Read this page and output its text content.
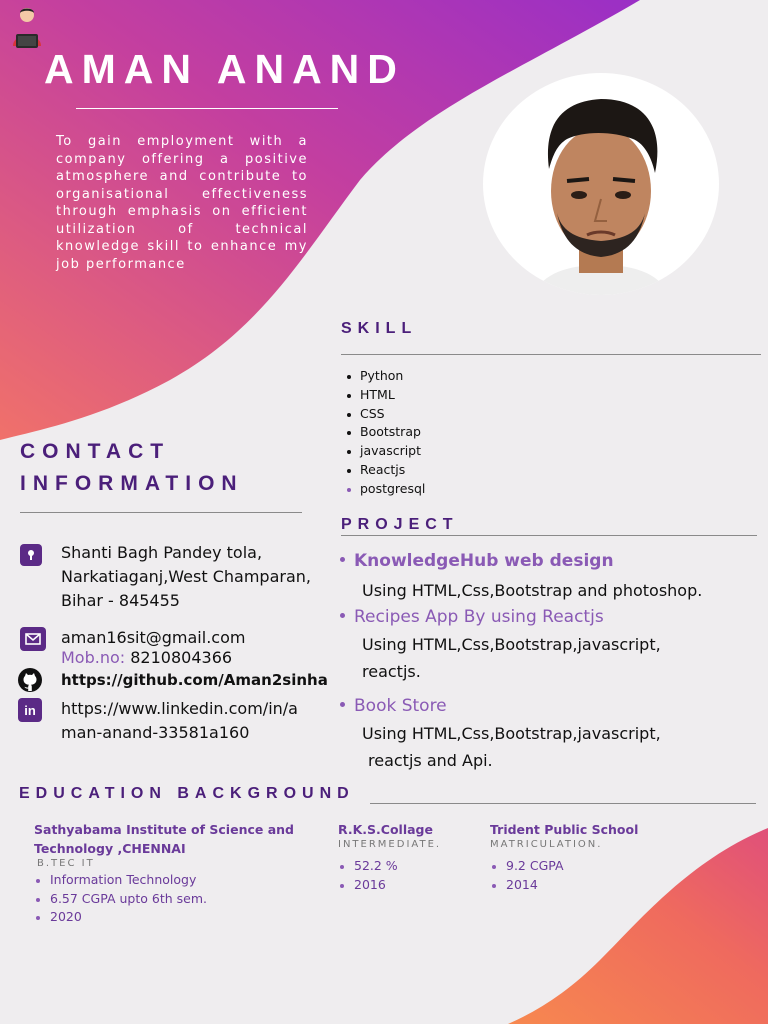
AMAN ANAND
To gain employment with a company offering a positive atmosphere and contribute to organisational effectiveness through emphasis on efficient utilization of technical knowledge skill to enhance my job performance
SKILL
Python
HTML
CSS
Bootstrap
javascript
Reactjs
postgresql
CONTACT
INFORMATION
Shanti Bagh Pandey tola,
Narkatiaganj,West Champaran,
Bihar - 845455
aman16sit@gmail.com
Mob.no: 8210804366
https://github.com/Aman2sinha
in https://www.linkedin.com/in/a
man-anand-33581a160
PROJECT
KnowledgeHub web design
Using HTML,Css,Bootstrap and photoshop.
Recipes App By using Reactjs
Using HTML,Css,Bootstrap,javascript,
reactjs.
Book Store
Using HTML,Css,Bootstrap,javascript,
reactjs and Api.
EDUCATION BACKGROUND
Sathyabama Institute of Science and
Technology ,CHENNAI
B.TEC IT
Information Technology
6.57 CGPA upto 6th sem.
2020
R.K.S.Collage
INTERMEDIATE.
52.2 %
2016
Trident Public School
MATRICULATION.
9.2 CGPA
2014
